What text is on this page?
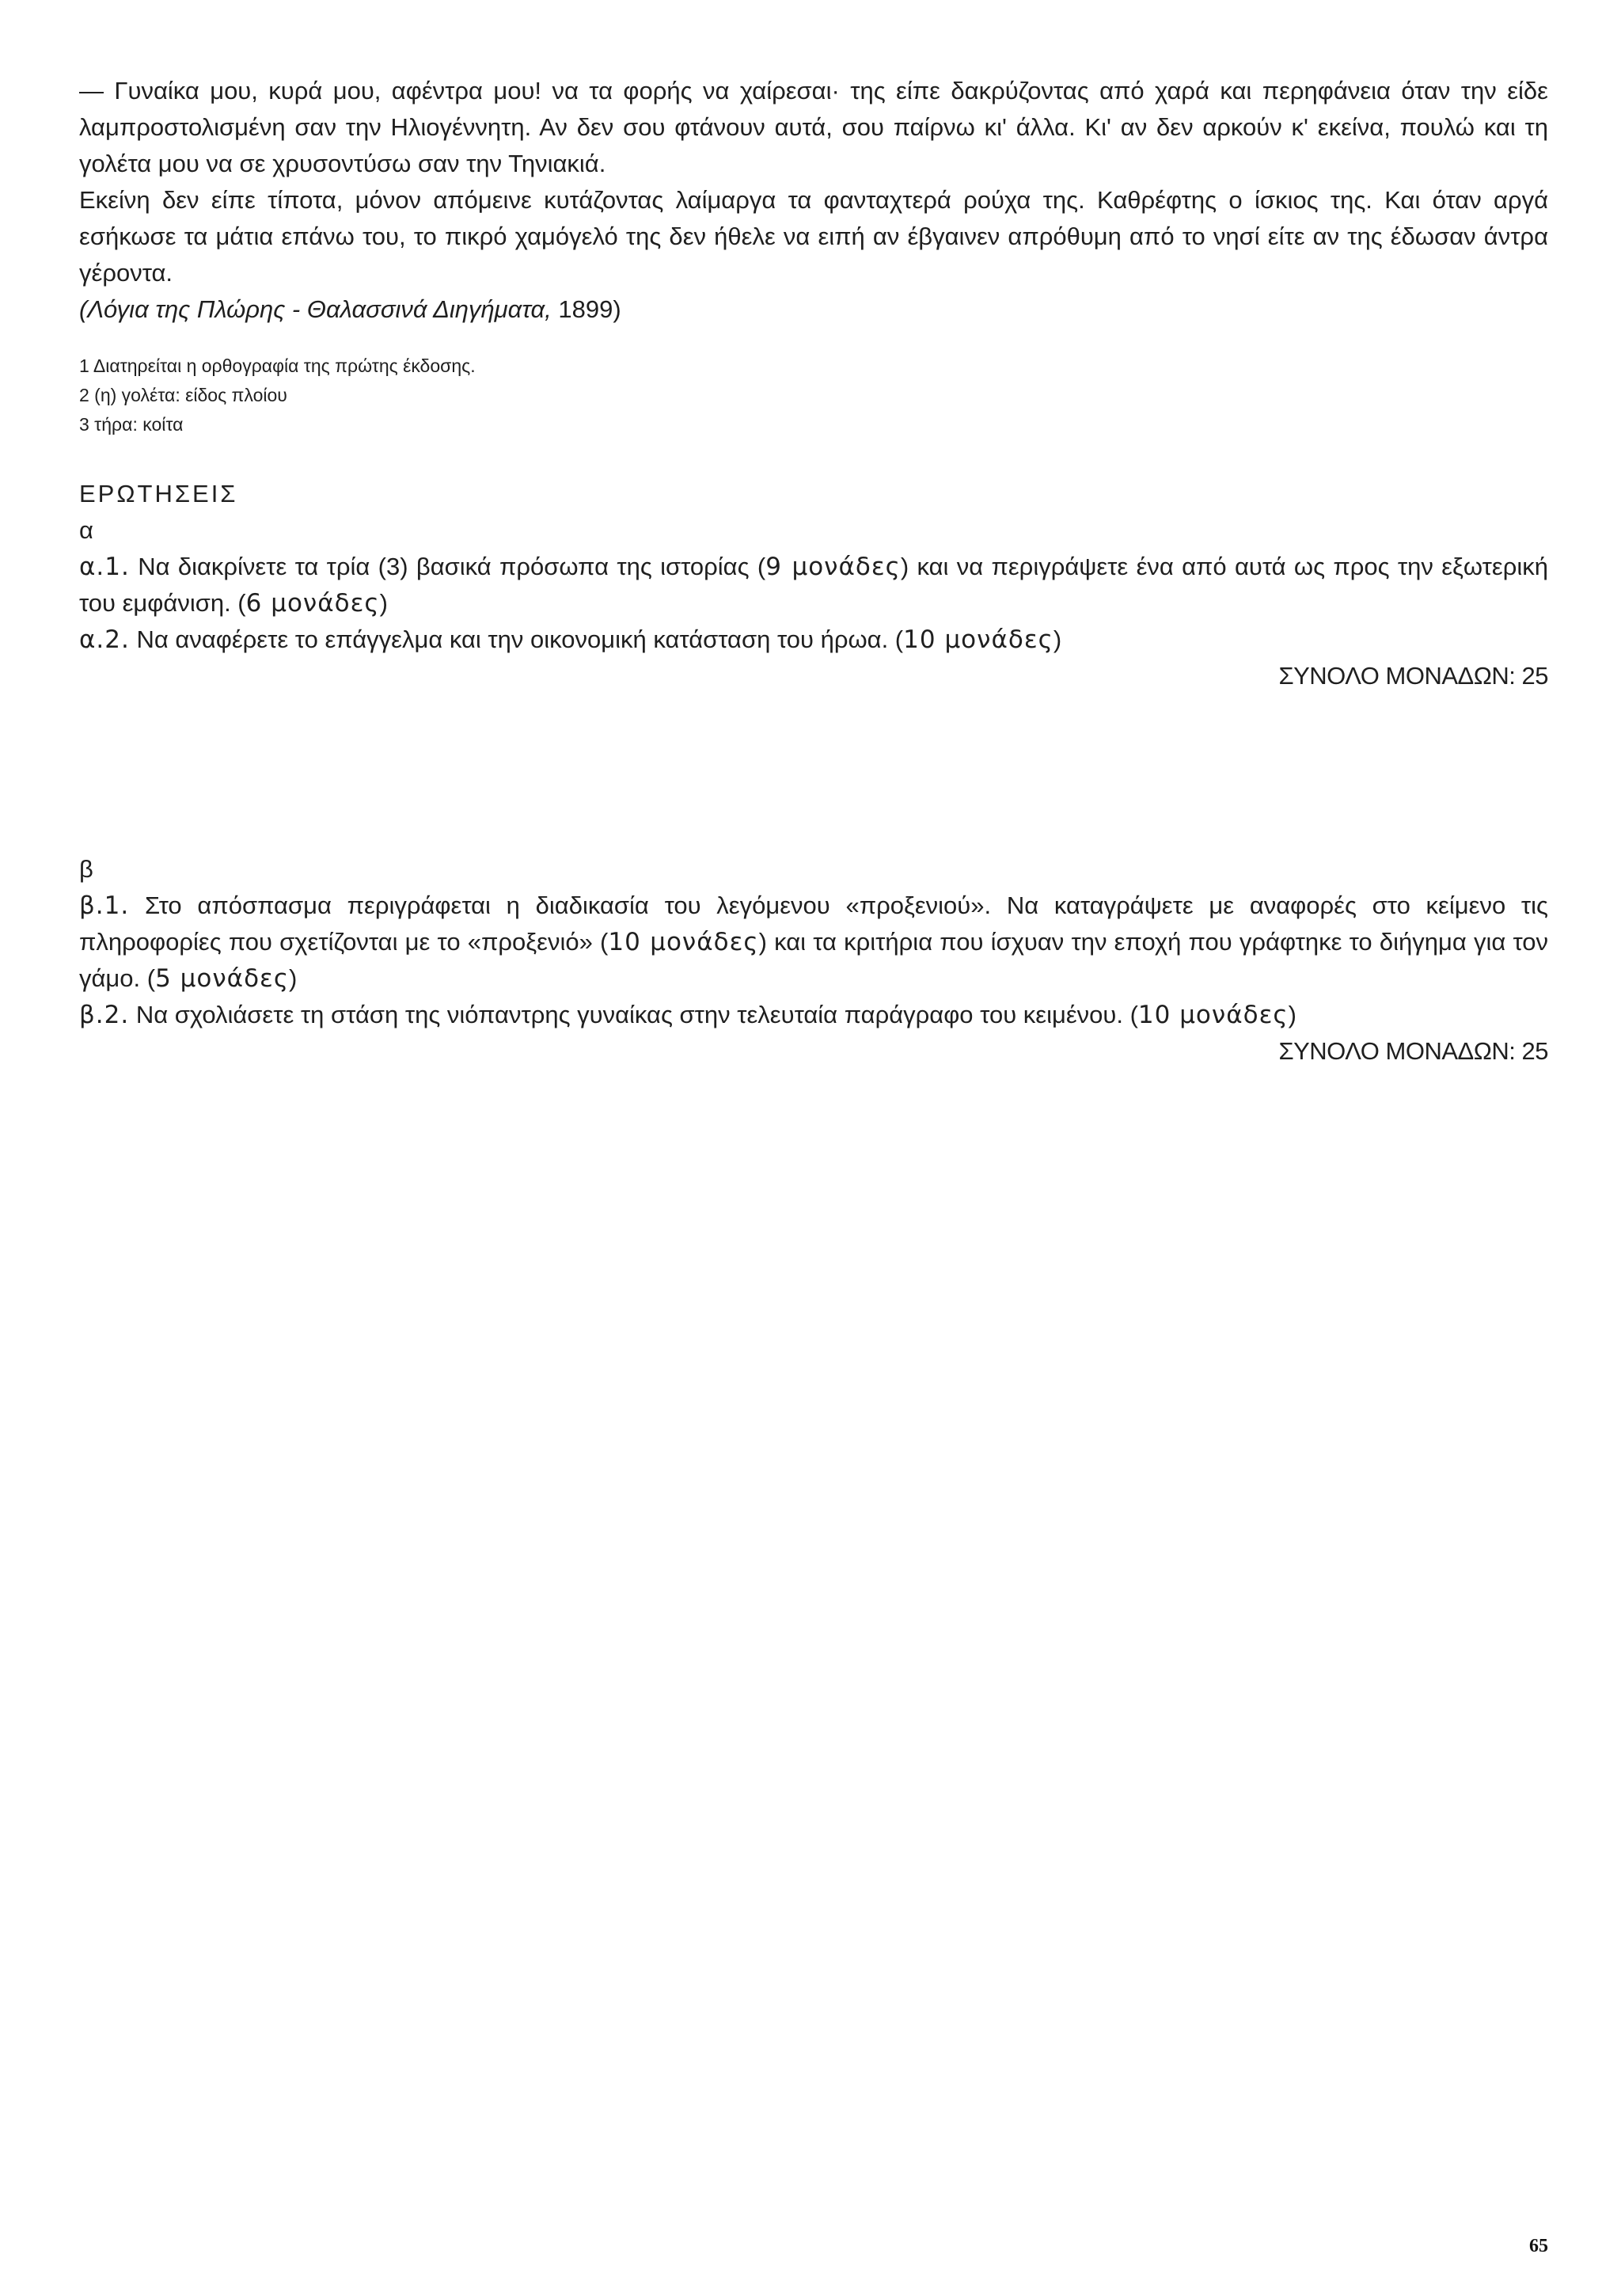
— Γυναίκα μου, κυρά μου, αφέντρα μου! να τα φορής να χαίρεσαι· της είπε δακρύζοντας από χαρά και περηφάνεια όταν την είδε λαμπροστολισμένη σαν την Ηλιογέννητη. Αν δεν σου φτάνουν αυτά, σου παίρνω κι' άλλα. Κι' αν δεν αρκούν κ' εκείνα, πουλώ και τη γολέτα μου να σε χρυσοντύσω σαν την Τηνιακιά.

Εκείνη δεν είπε τίποτα, μόνον απόμεινε κυτάζοντας λαίμαργα τα φανταχτερά ρούχα της. Καθρέφτης ο ίσκιος της. Και όταν αργά εσήκωσε τα μάτια επάνω του, το πικρό χαμόγελό της δεν ήθελε να ειπή αν έβγαινεν απρόθυμη από το νησί είτε αν της έδωσαν άντρα γέροντα.

(Λόγια της Πλώρης - Θαλασσινά Διηγήματα, 1899)

1 Διατηρείται η ορθογραφία της πρώτης έκδοσης.
2 (η) γολέτα: είδος πλοίου
3 τήρα: κοίτα
ΕΡΩΤΗΣΕΙΣ
α

α.1. Να διακρίνετε τα τρία (3) βασικά πρόσωπα της ιστορίας (9 μονάδες) και να περιγράψετε ένα από αυτά ως προς την εξωτερική του εμφάνιση. (6 μονάδες)

α.2. Να αναφέρετε το επάγγελμα και την οικονομική κατάσταση του ήρωα. (10 μονάδες)

ΣΥΝΟΛΟ ΜΟΝΑΔΩΝ: 25
β

β.1. Στο απόσπασμα περιγράφεται η διαδικασία του λεγόμενου «προξενιού». Να καταγράψετε με αναφορές στο κείμενο τις πληροφορίες που σχετίζονται με το «προξενιό» (10 μονάδες) και τα κριτήρια που ίσχυαν την εποχή που γράφτηκε το διήγημα για τον γάμο. (5 μονάδες)

β.2. Να σχολιάσετε τη στάση της νιόπαντρης γυναίκας στην τελευταία παράγραφο του κειμένου. (10 μονάδες)

ΣΥΝΟΛΟ ΜΟΝΑΔΩΝ: 25
65
